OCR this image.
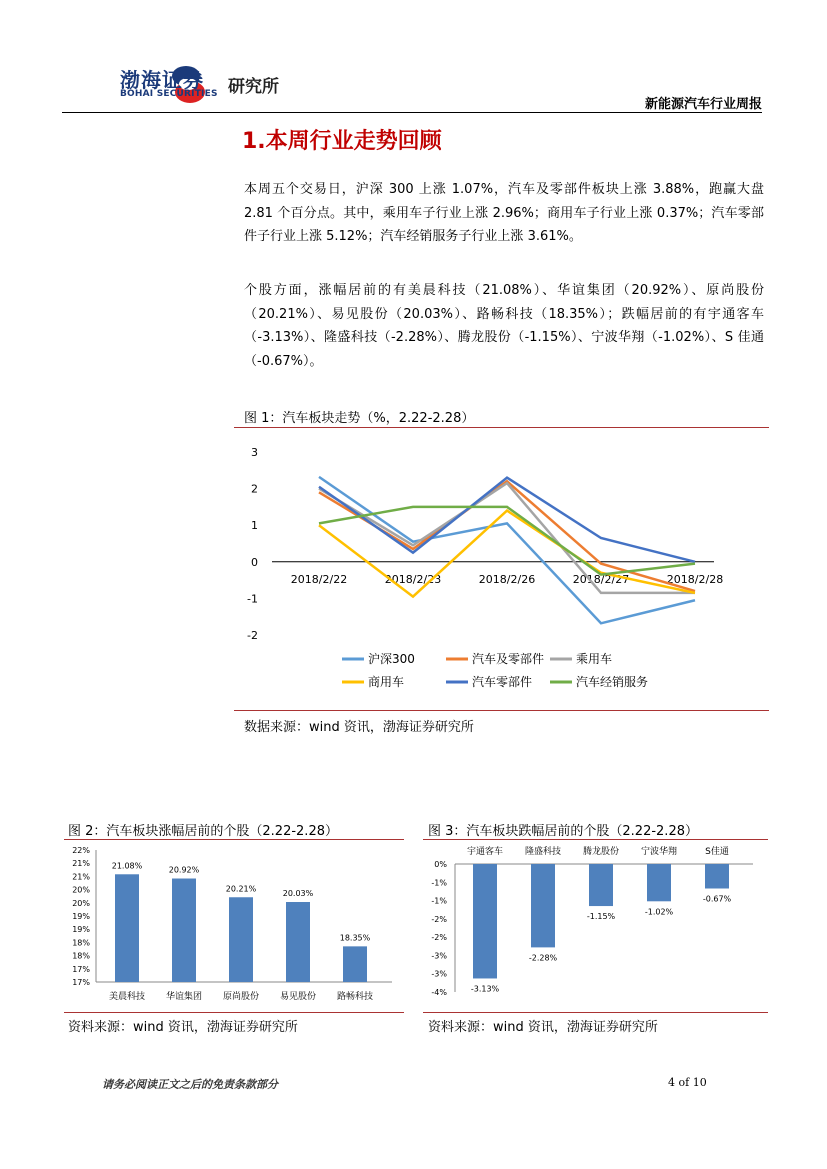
渤海证券
BOHAI SECURITIES 研究所
新能源汽车行业周报
1.本周行业走势回顾
本周五个交易日，沪深 300 上涨 1.07%，汽车及零部件板块上涨 3.88%，跑赢大盘 2.81 个百分点。其中，乘用车子行业上涨 2.96%；商用车子行业上涨 0.37%；汽车零部件子行业上涨 5.12%；汽车经销服务子行业上涨 3.61%。
个股方面，涨幅居前的有美晨科技（21.08%）、华谊集团（20.92%）、原尚股份（20.21%）、易见股份（20.03%）、路畅科技（18.35%）；跌幅居前的有宇通客车（-3.13%）、隆盛科技（-2.28%）、腾龙股份（-1.15%）、宁波华翔（-1.02%）、S 佳通（-0.67%）。
图 1：汽车板块走势（%，2.22-2.28）
3
2
1
0
-1
-2
2018/2/22	2018/2/23	2018/2/26	2018/2/27	2018/2/28
沪深300	汽车及零部件	乘用车
商用车	汽车零部件	汽车经销服务
数据来源：wind 资讯，渤海证券研究所
图 2：汽车板块涨幅居前的个股（2.22-2.28）	图 3：汽车板块跌幅居前的个股（2.22-2.28）
22%
21%
21%
20%
20%
19%
19%
18%
18%
17%
17%
21.08%
美晨科技
20.92%
华谊集团
20.21%
原尚股份
20.03%
易见股份
18.35%
路畅科技
0%
-1%
-1%
-2%
-2%
-3%
-3%
-4%	-3.13%
宇通客车
-2.28%
隆盛科技
-1.15%
腾龙股份
-1.02%
宁波华翔
-0.67%
S佳通
资料来源：wind 资讯，渤海证券研究所	资料来源：wind 资讯，渤海证券研究所
请务必阅读正文之后的免责条款部分	4 of 10
